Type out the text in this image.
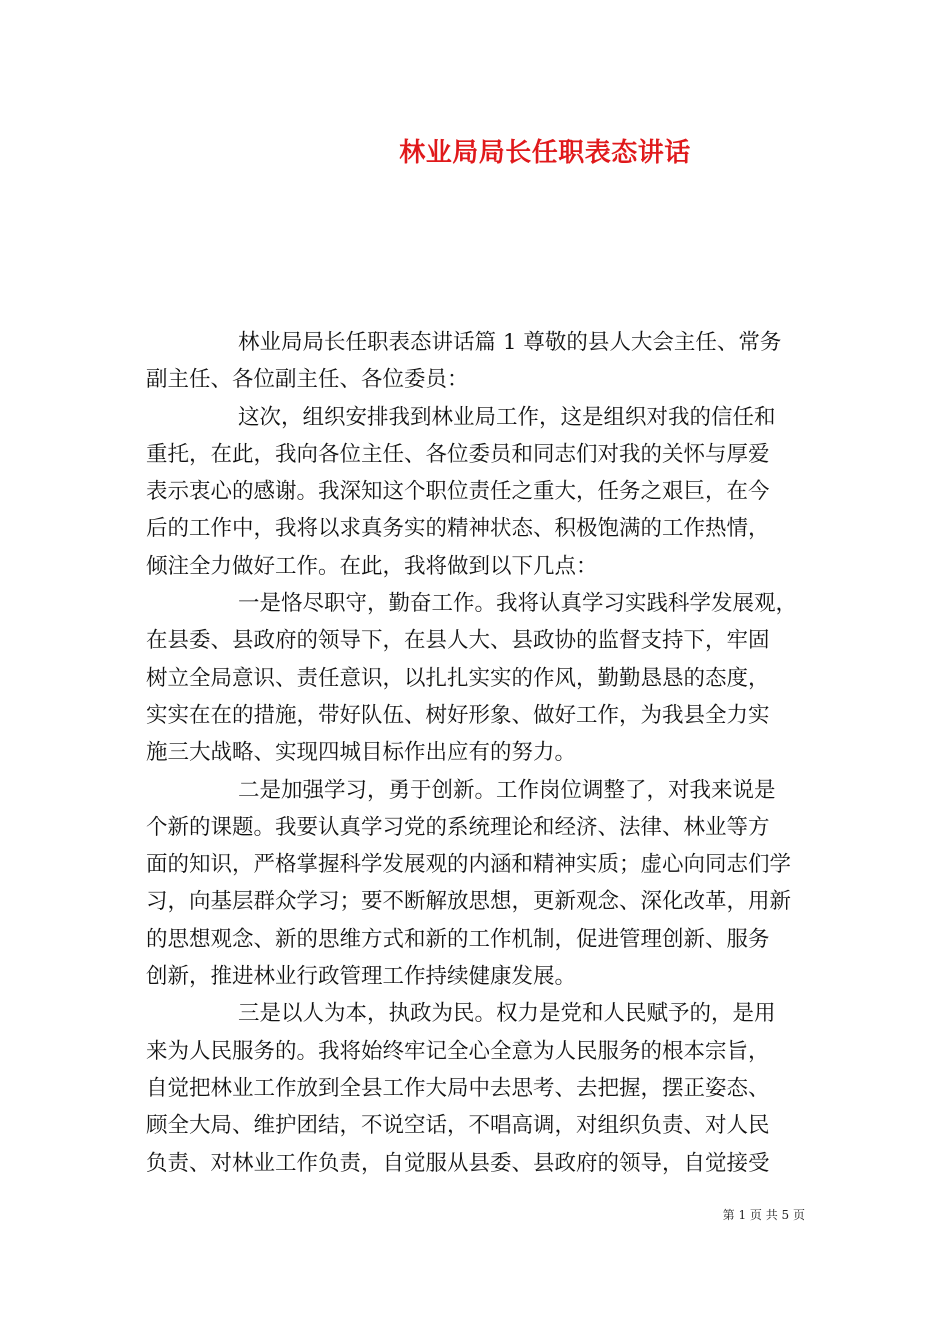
林业局局长任职表态讲话
林业局局长任职表态讲话篇 1 尊敬的县人大会主任、常务
副主任、各位副主任、各位委员：
这次，组织安排我到林业局工作，这是组织对我的信任和
重托，在此，我向各位主任、各位委员和同志们对我的关怀与厚爱
表示衷心的感谢。我深知这个职位责任之重大，任务之艰巨，在今
后的工作中，我将以求真务实的精神状态、积极饱满的工作热情，
倾注全力做好工作。在此，我将做到以下几点：
一是恪尽职守，勤奋工作。我将认真学习实践科学发展观，
在县委、县政府的领导下，在县人大、县政协的监督支持下，牢固
树立全局意识、责任意识，以扎扎实实的作风，勤勤恳恳的态度，
实实在在的措施，带好队伍、树好形象、做好工作，为我县全力实
施三大战略、实现四城目标作出应有的努力。
二是加强学习，勇于创新。工作岗位调整了，对我来说是
个新的课题。我要认真学习党的系统理论和经济、法律、林业等方
面的知识，严格掌握科学发展观的内涵和精神实质；虚心向同志们学
习，向基层群众学习；要不断解放思想，更新观念、深化改革，用新
的思想观念、新的思维方式和新的工作机制，促进管理创新、服务
创新，推进林业行政管理工作持续健康发展。
三是以人为本，执政为民。权力是党和人民赋予的，是用
来为人民服务的。我将始终牢记全心全意为人民服务的根本宗旨，
自觉把林业工作放到全县工作大局中去思考、去把握，摆正姿态、
顾全大局、维护团结，不说空话，不唱高调，对组织负责、对人民
负责、对林业工作负责，自觉服从县委、县政府的领导，自觉接受
第 1 页 共 5 页
